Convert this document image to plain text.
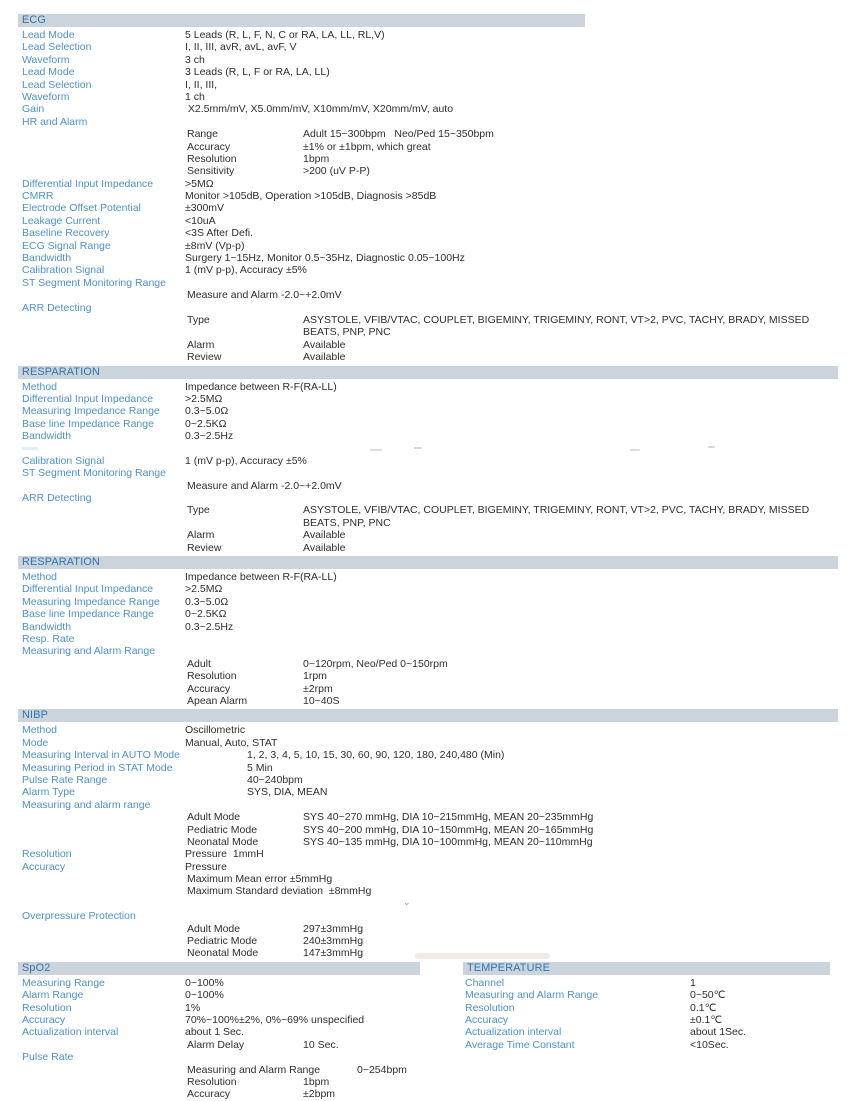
ECG
Lead Mode	5 Leads (R, L, F, N, C or RA, LA, LL, RL,V)
Lead Selection	I, II, III, avR, avL, avF, V
Waveform	3 ch
Lead Mode	3 Leads (R, L, F or RA, LA, LL)
Lead Selection	I, II, III,
Waveform	1 ch
Gain	X2.5mm/mV, X5.0mm/mV, X10mm/mV, X20mm/mV, auto
HR and Alarm
Range	Adult 15~300bpm   Neo/Ped 15~350bpm
Accuracy	±1% or ±1bpm, which great
Resolution	1bpm
Sensitivity	>200 (uV P-P)
Differential Input Impedance	>5MΩ
CMRR	Monitor >105dB, Operation >105dB, Diagnosis >85dB
Electrode Offset Potential	±300mV
Leakage Current	<10uA
Baseline Recovery	<3S After Defi.
ECG Signal Range	±8mV (Vp-p)
Bandwidth	Surgery 1~15Hz, Monitor 0.5~35Hz, Diagnostic 0.05~100Hz
Calibration Signal	1 (mV p-p), Accuracy ±5%
ST Segment Monitoring Range
Measure and Alarm -2.0~+2.0mV
ARR Detecting
Type	ASYSTOLE, VFIB/VTAC, COUPLET, BIGEMINY, TRIGEMINY, RONT, VT>2, PVC, TACHY, BRADY, MISSED BEATS, PNP, PNC
Alarm	Available
Review	Available
RESPARATION
Method	Impedance between R-F(RA-LL)
Differential Input Impedance	>2.5MΩ
Measuring Impedance Range	0.3~5.0Ω
Base line Impedance Range	0~2.5KΩ
Bandwidth	0.3~2.5Hz
Calibration Signal	1 (mV p-p), Accuracy ±5%
ST Segment Monitoring Range
Measure and Alarm -2.0~+2.0mV
ARR Detecting
Type	ASYSTOLE, VFIB/VTAC, COUPLET, BIGEMINY, TRIGEMINY, RONT, VT>2, PVC, TACHY, BRADY, MISSED BEATS, PNP, PNC
Alarm	Available
Review	Available
RESPARATION
Method	Impedance between R-F(RA-LL)
Differential Input Impedance	>2.5MΩ
Measuring Impedance Range	0.3~5.0Ω
Base line Impedance Range	0~2.5KΩ
Bandwidth	0.3~2.5Hz
Resp. Rate
Measuring and Alarm Range
Adult	0~120rpm, Neo/Ped 0~150rpm
Resolution	1rpm
Accuracy	±2rpm
Apean Alarm	10~40S
NIBP
Method	Oscillometric
Mode	Manual, Auto, STAT
Measuring Interval in AUTO Mode	1, 2, 3, 4, 5, 10, 15, 30, 60, 90, 120, 180, 240,480 (Min)
Measuring Period in STAT Mode	5 Min
Pulse Rate Range	40~240bpm
Alarm Type	SYS, DIA, MEAN
Measuring and alarm range
Adult Mode	SYS 40~270 mmHg, DIA 10~215mmHg, MEAN 20~235mmHg
Pediatric Mode	SYS 40~200 mmHg, DIA 10~150mmHg, MEAN 20~165mmHg
Neonatal Mode	SYS 40~135 mmHg, DIA 10~100mmHg, MEAN 20~110mmHg
Resolution	Pressure  1mmH
Accuracy	Pressure
Maximum Mean error ±5mmHg
Maximum Standard deviation  ±8mmHg
⌄
Overpressure Protection
Adult Mode	297±3mmHg
Pediatric Mode	240±3mmHg
Neonatal Mode	147±3mmHg
SpO2
Measuring Range	0~100%
Alarm Range	0~100%
Resolution	1%
Accuracy	70%~100%±2%, 0%~69% unspecified
Actualization interval	about 1 Sec.
Alarm Delay	10 Sec.
Pulse Rate
Measuring and Alarm Range	0~254bpm
Resolution	1bpm
Accuracy	±2bpm
TEMPERATURE
Channel	1
Measuring and Alarm Range	0~50℃
Resolution	0.1℃
Accuracy	±0.1℃
Actualization interval	about 1Sec.
Average Time Constant	<10Sec.
